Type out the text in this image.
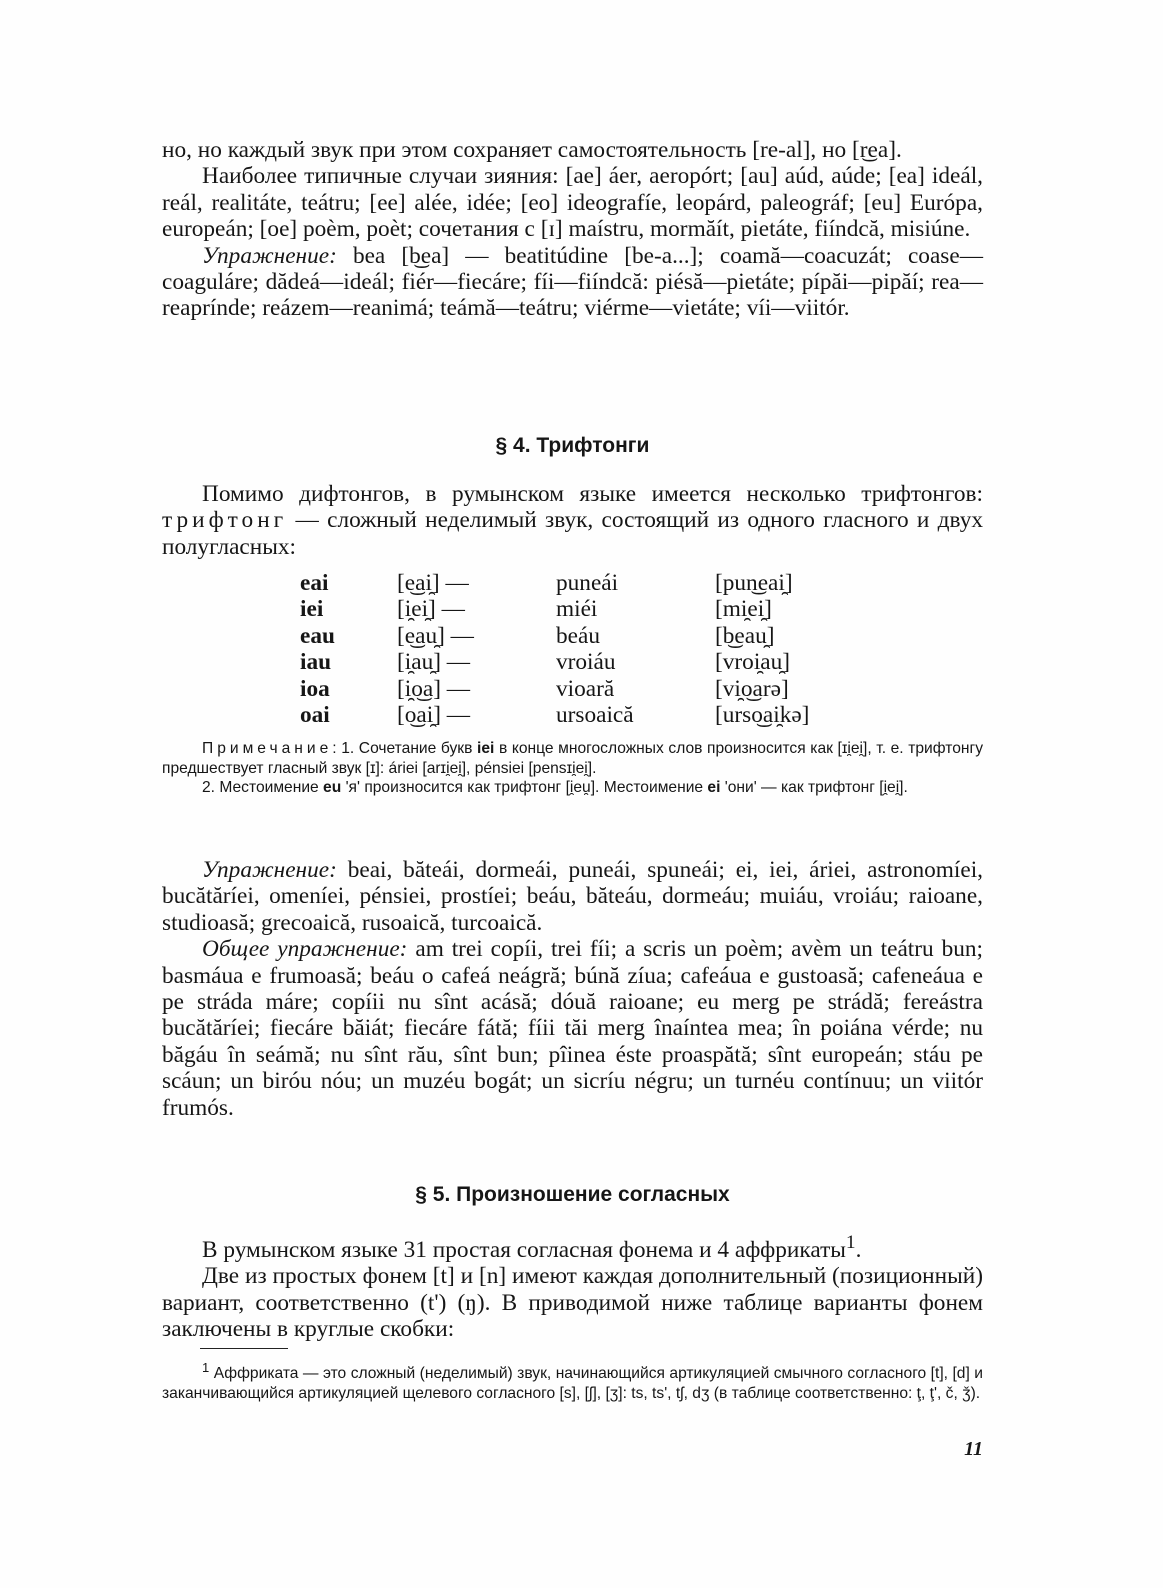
но, но каждый звук при этом сохраняет самостоятельность [re-al], но [r͜ea].

Наиболее типичные случаи зияния: [ae] áer, aeropórt; [au] aúd, aúde; [ea] ideál, reál, realitáte, teátru; [ee] alée, idée; [eo] ideografíe, leopárd, paleográf; [eu] Európa, europeán; [oe] poèm, poèt; сочетания с [ɪ] maístru, mormăít, pietáte, fiíndcă, misiúne.

Упражнение: bea [b͜ea] — beatitúdine [be-a...]; coamă—coacuzát; coase—coaguláre; dădeá—ideál; fiér—fiecáre; fíi—fiíndcă: piésă—pietáte; pípăi—pipăí; rea—reaprínde; reázem—reanimá; teámă—teátru; viérme—vietáte; víi—viitór.

§ 4. Трифтонги

Помимо дифтонгов, в румынском языке имеется несколько трифтонгов: трифтонг — сложный неделимый звук, состоящий из одного гласного и двух полугласных:

eai	[e͜ai̯] —	puneái	[pun͜eai̯]
iei	[i̯ei̯] —	miéi	[mi̯ei̯]
eau	[e͜au̯] —	beáu	[b͜eau̯]
iau	[i̯au̯] —	vroiáu	[vroi̯au̯]
ioa	[i̯o͜a] —	vioară	[vi̯o͜arə]
oai	[o͜ai̯] —	ursoaică	[urso͜ai̯kə]

Примечание: 1. Сочетание букв iei в конце многосложных слов произносится как [ɪi̯ei̯], т. е. трифтонгу предшествует гласный звук [ɪ]: áriei [arɪi̯ei̯], pénsiei [pensɪi̯ei̯].

2. Местоимение eu 'я' произносится как трифтонг [i̯eu̯]. Местоимение ei 'они' — как трифтонг [i̯ei̯].

Упражнение: beai, băteái, dormeái, puneái, spuneái; ei, iei, áriei, astronomíei, bucătăríei, omeníei, pénsiei, prostíei; beáu, băteáu, dormeáu; muiáu, vroiáu; raioane, studioasă; grecoaică, rusoaică, turcoaică.

Общее упражнение: am trei copíi, trei fíi; a scris un poèm; avèm un teátru bun; basmáua e frumoasă; beáu o cafeá neágră; búnă zíua; cafeáua e gustoasă; cafeneáua e pe stráda máre; copíii nu sînt acásă; dóuă raioane; eu merg pe strádă; fereástra bucătăríei; fiecáre băiát; fiecáre fátă; fíii tăi merg înaíntea mea; în poiána vérde; nu băgáu în seámă; nu sînt rău, sînt bun; pîinea éste proaspătă; sînt europeán; stáu pe scáun; un biróu nóu; un muzéu bogát; un sicríu négru; un turnéu contínuu; un viitór frumós.

§ 5. Произношение согласных

В румынском языке 31 простая согласная фонема и 4 аффрикаты$^1$.

Две из простых фонем [t] и [n] имеют каждая дополнительный (позиционный) вариант, соответственно (t') (ŋ). В приводимой ниже таблице варианты фонем заключены в круглые скобки:

$^1$ Аффриката — это сложный (неделимый) звук, начинающийся артикуляцией смычного согласного [t], [d] и заканчивающийся артикуляцией щелевого согласного [s], [ʃ], [ʒ]: ts, ts', tʃ, dʒ (в таблице соответственно: ţ, ţ', č, ǯ).

11
